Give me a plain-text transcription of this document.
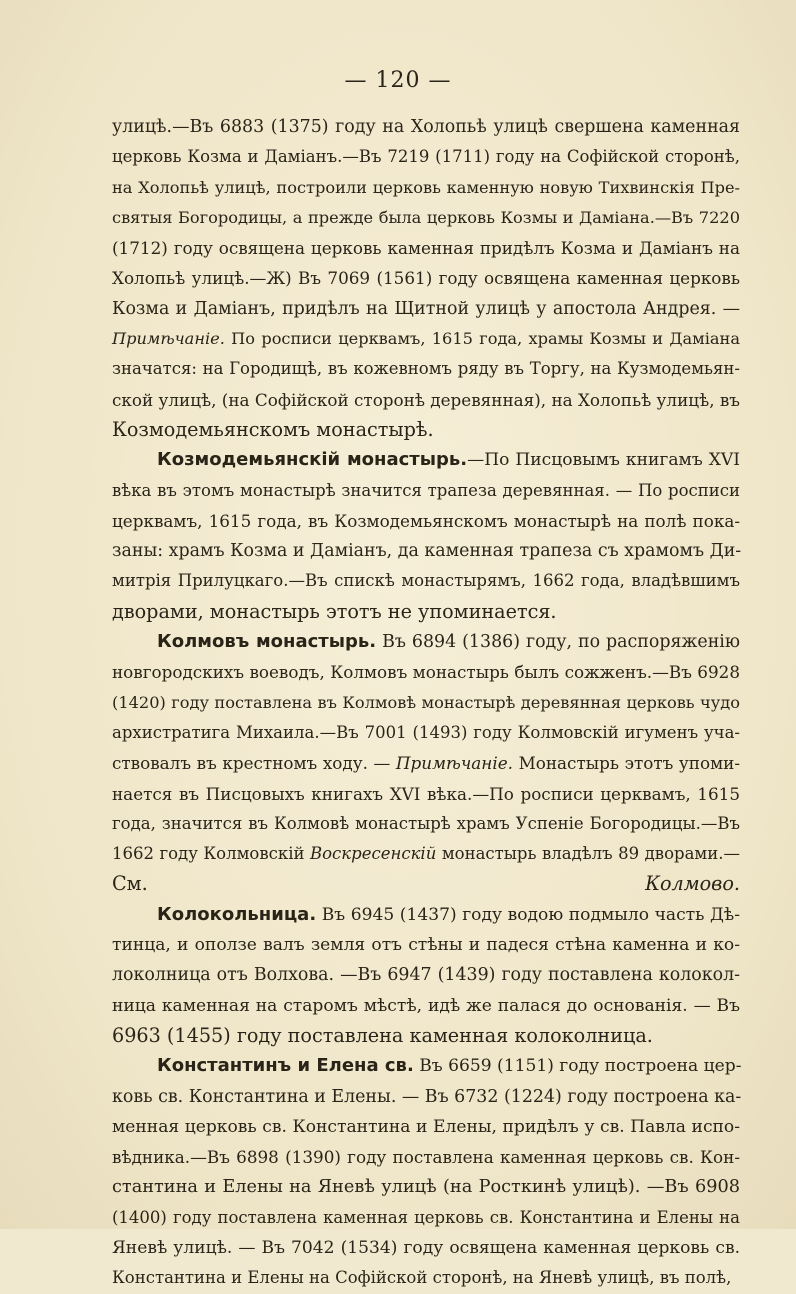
— 120 —
улицѣ.—Въ 6883 (1375) году на Холопьѣ улицѣ свершена каменная
церковь Козма и Даміанъ.—Въ 7219 (1711) году на Софійской сторонѣ,
на Холопьѣ улицѣ, построили церковь каменную новую Тихвинскія Пре-
святыя Богородицы, а прежде была церковь Козмы и Даміана.—Въ 7220
(1712) году освящена церковь каменная придѣлъ Козма и Даміанъ на
Холопьѣ улицѣ.—Ж) Въ 7069 (1561) году освящена каменная церковь
Козма и Даміанъ, придѣлъ на Щитной улицѣ у апостола Андрея. —
Примѣчаніе. По росписи церквамъ, 1615 года, храмы Козмы и Даміана
значатся: на Городищѣ, въ кожевномъ ряду въ Торгу, на Кузмодемьян-
ской улицѣ, (на Софійской сторонѣ деревянная), на Холопьѣ улицѣ, въ
Козмодемьянскомъ монастырѣ.
Козмодемьянскій монастырь.—По Писцовымъ книгамъ XVI
вѣка въ этомъ монастырѣ значится трапеза деревянная. — По росписи
церквамъ, 1615 года, въ Козмодемьянскомъ монастырѣ на полѣ пока-
заны: храмъ Козма и Даміанъ, да каменная трапеза съ храмомъ Ди-
митрія Прилуцкаго.—Въ спискѣ монастырямъ, 1662 года, владѣвшимъ
дворами, монастырь этотъ не упоминается.
Колмовъ монастырь. Въ 6894 (1386) году, по распоряженію
новгородскихъ воеводъ, Колмовъ монастырь былъ сожженъ.—Въ 6928
(1420) году поставлена въ Колмовѣ монастырѣ деревянная церковь чудо
архистратига Михаила.—Въ 7001 (1493) году Колмовскій игуменъ уча-
ствовалъ въ крестномъ ходу. — Примѣчаніе. Монастырь этотъ упоми-
нается въ Писцовыхъ книгахъ XVI вѣка.—По росписи церквамъ, 1615
года, значится въ Колмовѣ монастырѣ храмъ Успеніе Богородицы.—Въ
1662 году Колмовскій Воскресенскій монастырь владѣлъ 89 дворами.—
См. Колмово.
Колокольница. Въ 6945 (1437) году водою подмыло часть Дѣ-
тинца, и оползе валъ земля отъ стѣны и падеся стѣна каменна и ко-
локолница отъ Волхова. —Въ 6947 (1439) году поставлена колокол-
ница каменная на старомъ мѣстѣ, идѣ же палася до основанія. — Въ
6963 (1455) году поставлена каменная колоколница.
Константинъ и Елена св. Въ 6659 (1151) году построена цер-
ковь св. Константина и Елены. — Въ 6732 (1224) году построена ка-
менная церковь св. Константина и Елены, придѣлъ у св. Павла испо-
вѣдника.—Въ 6898 (1390) году поставлена каменная церковь св. Кон-
стантина и Елены на Яневѣ улицѣ (на Росткинѣ улицѣ). —Въ 6908
(1400) году поставлена каменная церковь св. Константина и Елены на
Яневѣ улицѣ. — Въ 7042 (1534) году освящена каменная церковь св.
Константина и Елены на Софійской сторонѣ, на Яневѣ улицѣ, въ полѣ,
